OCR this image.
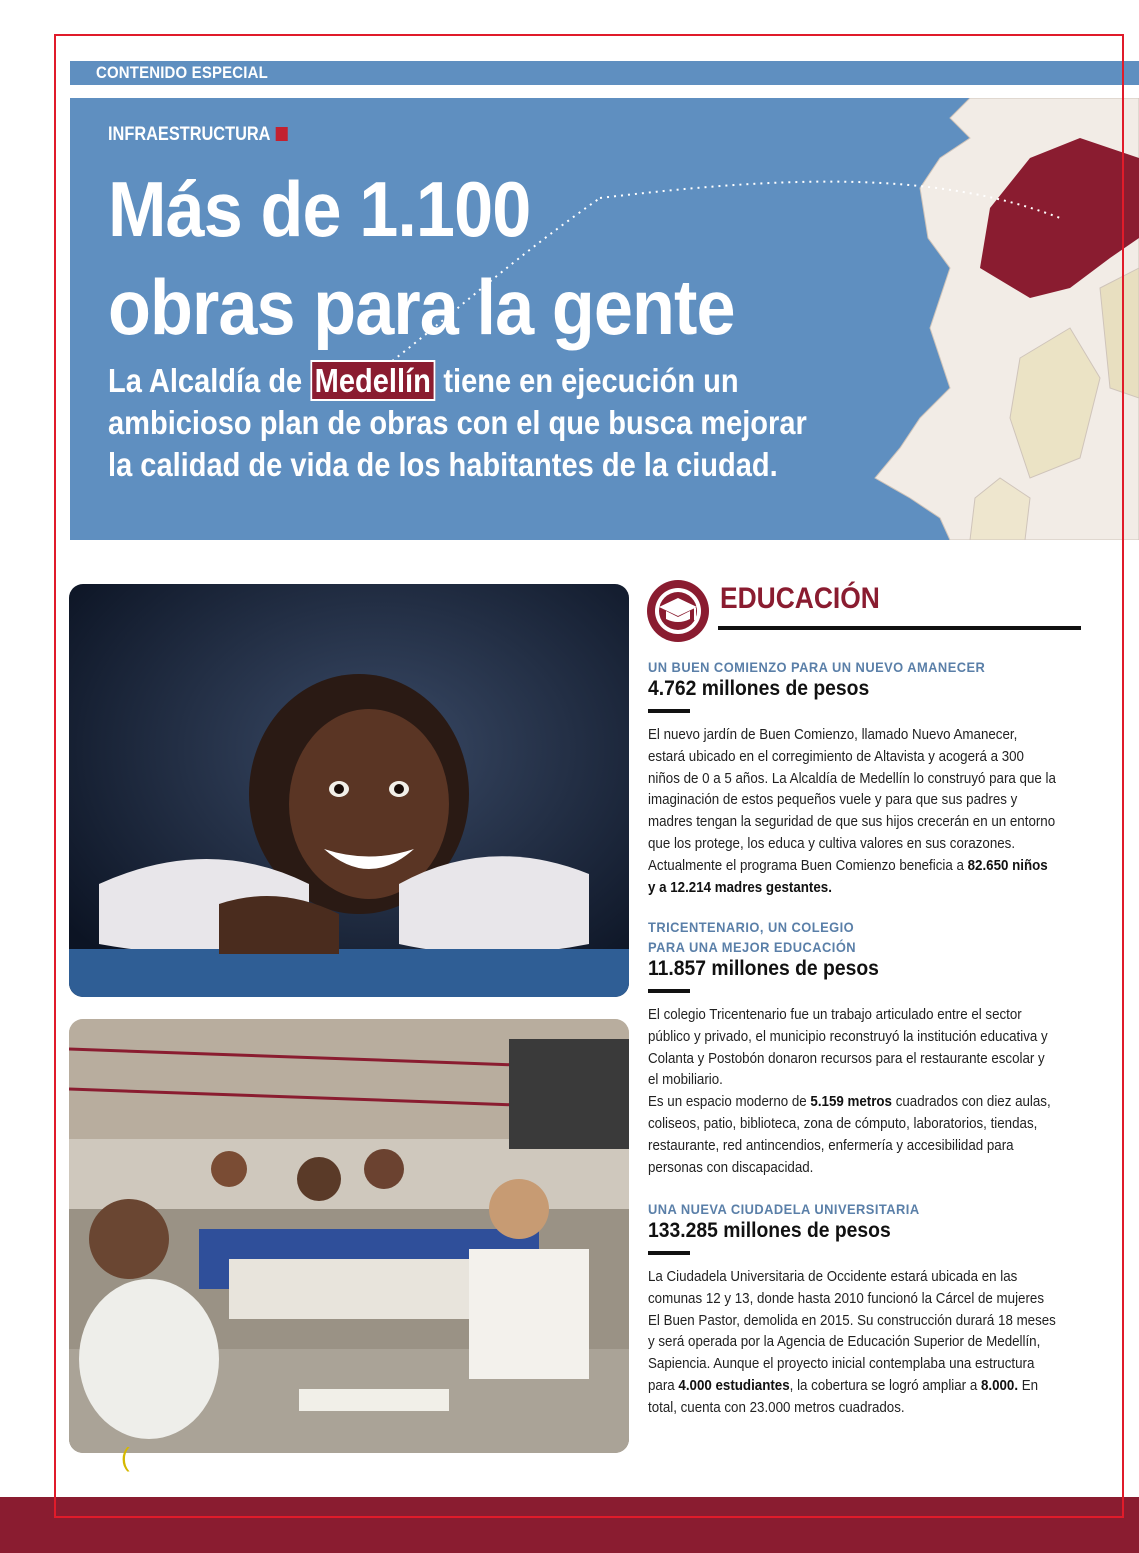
CONTENIDO ESPECIAL
INFRAESTRUCTURA
Más de 1.100
obras para la gente
La Alcaldía de Medellín tiene en ejecución un ambicioso plan de obras con el que busca mejorar la calidad de vida de los habitantes de la ciudad.
EDUCACIÓN
UN BUEN COMIENZO PARA UN NUEVO AMANECER
4.762 millones de pesos
El nuevo jardín de Buen Comienzo, llamado Nuevo Amanecer, estará ubicado en el corregimiento de Altavista y acogerá a 300 niños de 0 a 5 años. La Alcaldía de Medellín lo construyó para que la imaginación de estos pequeños vuele y para que sus padres y madres tengan la seguridad de que sus hijos crecerán en un entorno que los protege, los educa y cultiva valores en sus corazones. Actualmente el programa Buen Comienzo beneficia a 82.650 niños y a 12.214 madres gestantes.
TRICENTENARIO, UN COLEGIO
PARA UNA MEJOR EDUCACIÓN
11.857 millones de pesos
El colegio Tricentenario fue un trabajo articulado entre el sector público y privado, el municipio reconstruyó la institución educativa y Colanta y Postobón donaron recursos para el restaurante escolar y el mobiliario.
Es un espacio moderno de 5.159 metros cuadrados con diez aulas, coliseos, patio, biblioteca, zona de cómputo, laboratorios, tiendas, restaurante, red antincendios, enfermería y accesibilidad para personas con discapacidad.
UNA NUEVA CIUDADELA UNIVERSITARIA
133.285 millones de pesos
La Ciudadela Universitaria de Occidente estará ubicada en las comunas 12 y 13, donde hasta 2010 funcionó la Cárcel de mujeres El Buen Pastor, demolida en 2015. Su construcción durará 18 meses y será operada por la Agencia de Educación Superior de Medellín, Sapiencia. Aunque el proyecto inicial contemplaba una estructura para 4.000 estudiantes, la cobertura se logró ampliar a 8.000. En total, cuenta con 23.000 metros cuadrados.
(
